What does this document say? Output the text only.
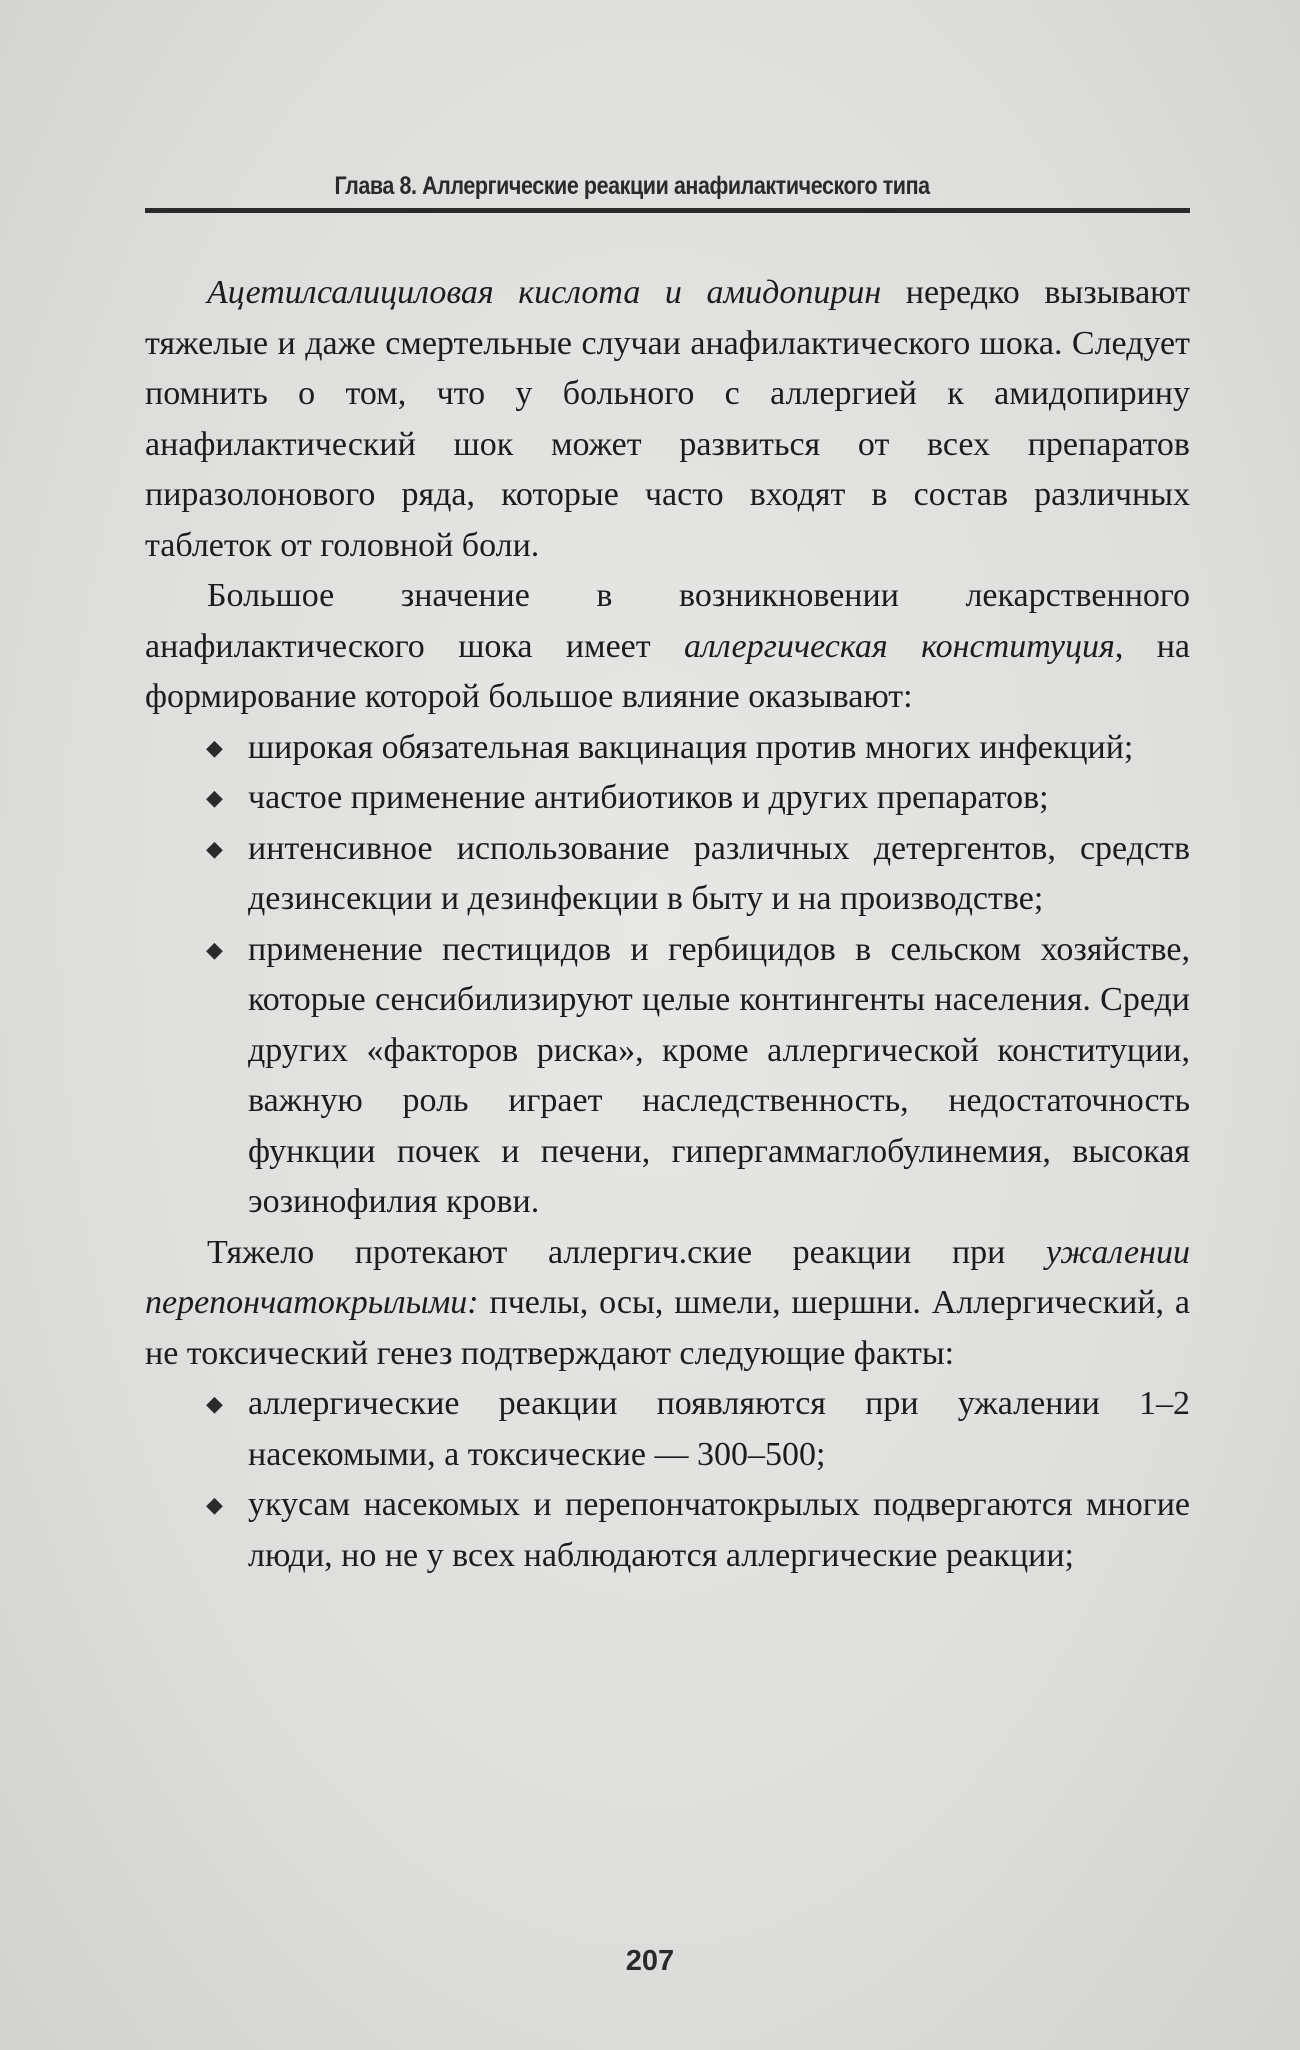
Глава 8. Аллергические реакции анафилактического типа

Ацетилсалициловая кислота и амидопирин нередко вызывают тяжелые и даже смертельные случаи анафилактического шока. Следует помнить о том, что у больного с аллергией к амидопирину анафилактический шок может развиться от всех препаратов пиразолонового ряда, которые часто входят в состав различных таблеток от головной боли.

Большое значение в возникновении лекарственного анафилактического шока имеет аллергическая конституция, на формирование которой большое влияние оказывают:

◆ широкая обязательная вакцинация против многих инфекций;
◆ частое применение антибиотиков и других препаратов;
◆ интенсивное использование различных детергентов, средств дезинсекции и дезинфекции в быту и на производстве;
◆ применение пестицидов и гербицидов в сельском хозяйстве, которые сенсибилизируют целые контингенты населения. Среди других «факторов риска», кроме аллергической конституции, важную роль играет наследственность, недостаточность функции почек и печени, гипергаммаглобулинемия, высокая эозинофилия крови.

Тяжело протекают аллергич.ские реакции при ужалении перепончатокрылыми: пчелы, осы, шмели, шершни. Аллергический, а не токсический генез подтверждают следующие факты:

◆ аллергические реакции появляются при ужалении 1–2 насекомыми, а токсические — 300–500;
◆ укусам насекомых и перепончатокрылых подвергаются многие люди, но не у всех наблюдаются аллергические реакции;
207
